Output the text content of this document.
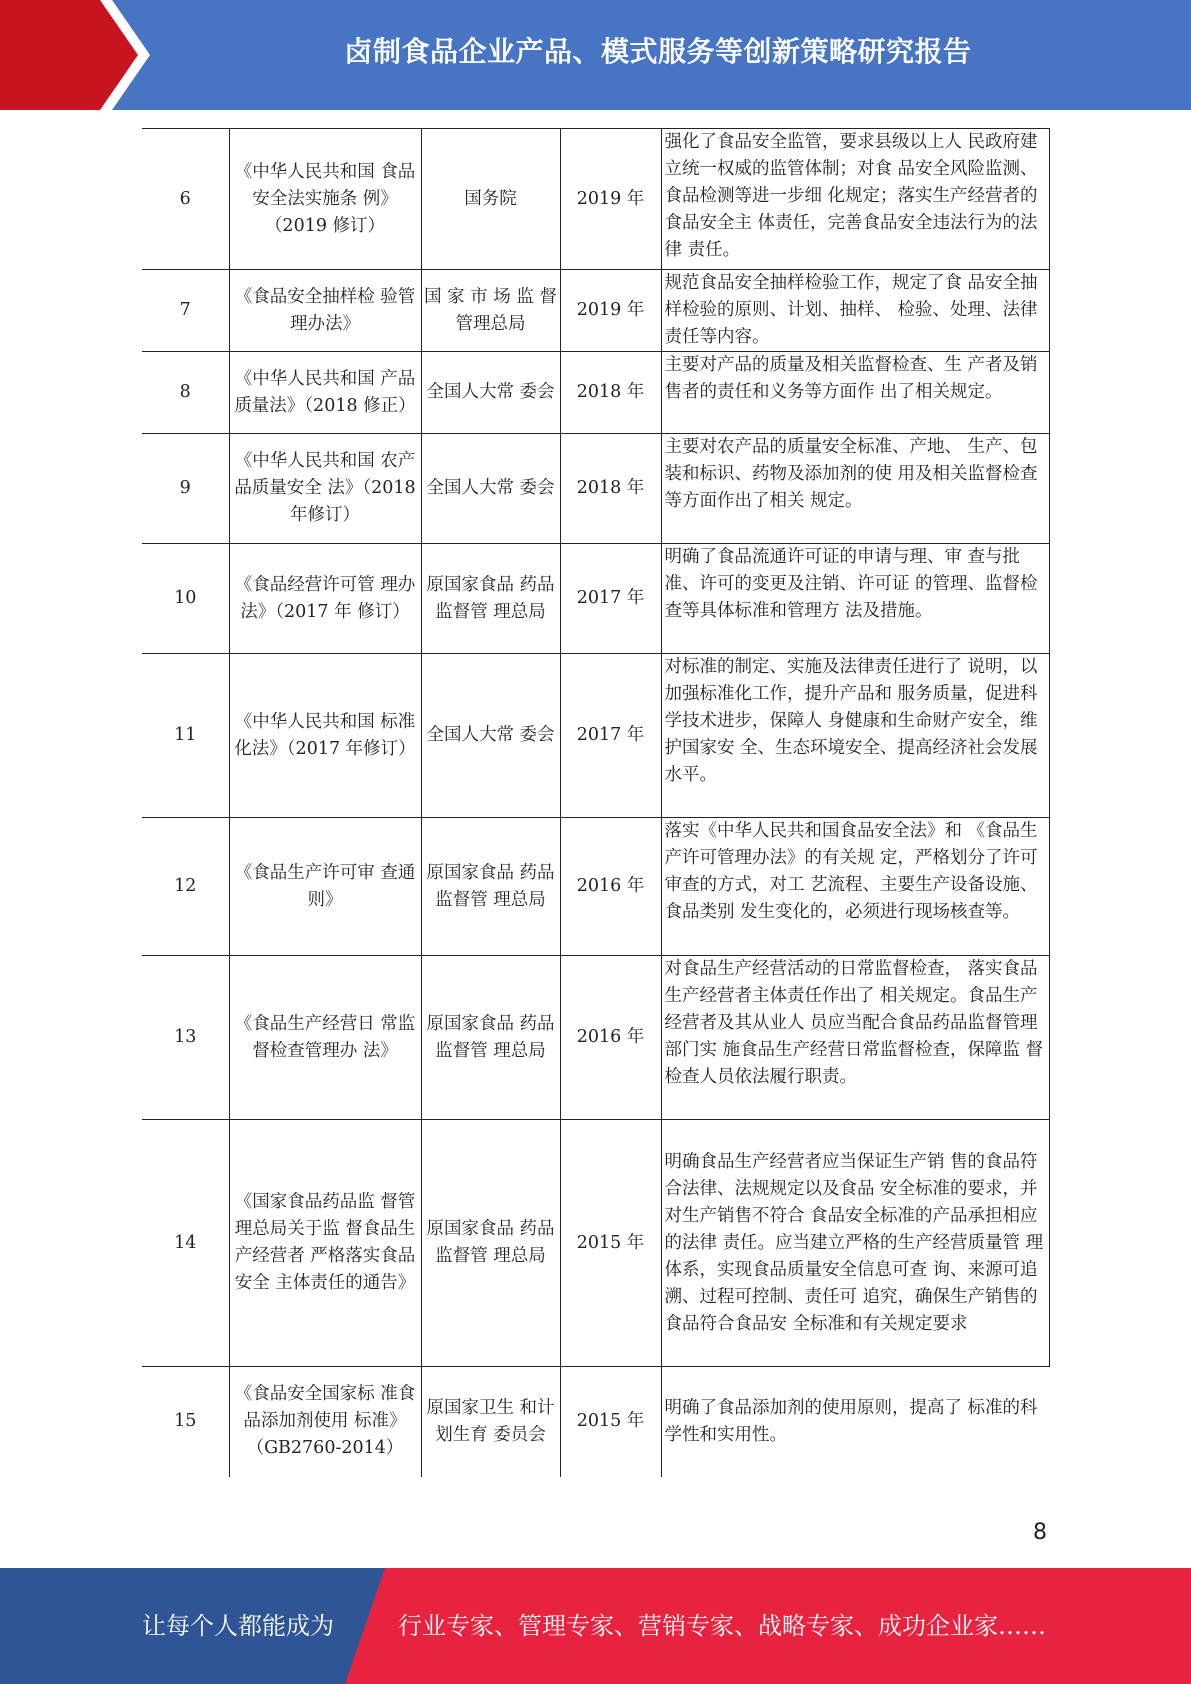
卤制食品企业产品、模式服务等创新策略研究报告
6	《中华人民共和国 食品安全法实施条 例》（2019 修订）	国务院	2019 年	强化了食品安全监管，要求县级以上人 民政府建立统一权威的监管体制；对食 品安全风险监测、食品检测等进一步细 化规定；落实生产经营者的食品安全主 体责任，完善食品安全违法行为的法律 责任。
7	《食品安全抽样检 验管理办法》	国 家 市 场 监 督管理总局	2019 年	规范食品安全抽样检验工作，规定了食 品安全抽样检验的原则、计划、抽样、 检验、处理、法律责任等内容。
8	《中华人民共和国 产品质量法》（2018 修正）	全国人大常 委会	2018 年	主要对产品的质量及相关监督检查、生 产者及销售者的责任和义务等方面作 出了相关规定。
9	《中华人民共和国 农产品质量安全 法》（2018 年修订）	全国人大常 委会	2018 年	主要对农产品的质量安全标准、产地、 生产、包装和标识、药物及添加剂的使 用及相关监督检查等方面作出了相关 规定。
10	《食品经营许可管 理办法》（2017 年 修订）	原国家食品 药品监督管 理总局	2017 年	明确了食品流通许可证的申请与理、审 查与批准、许可的变更及注销、许可证 的管理、监督检查等具体标准和管理方 法及措施。
11	《中华人民共和国 标准化法》（2017 年修订）	全国人大常 委会	2017 年	对标准的制定、实施及法律责任进行了 说明，以加强标准化工作，提升产品和 服务质量，促进科学技术进步，保障人 身健康和生命财产安全，维护国家安 全、生态环境安全、提高经济社会发展 水平。
12	《食品生产许可审 查通则》	原国家食品 药品监督管 理总局	2016 年	落实《中华人民共和国食品安全法》和 《食品生产许可管理办法》的有关规 定，严格划分了许可审查的方式，对工 艺流程、主要生产设备设施、食品类别 发生变化的，必须进行现场核查等。
13	《食品生产经营日 常监督检查管理办 法》	原国家食品 药品监督管 理总局	2016 年	对食品生产经营活动的日常监督检查， 落实食品生产经营者主体责任作出了 相关规定。食品生产经营者及其从业人 员应当配合食品药品监督管理部门实 施食品生产经营日常监督检查，保障监 督检查人员依法履行职责。
14	《国家食品药品监 督管理总局关于监 督食品生产经营者 严格落实食品安全 主体责任的通告》	原国家食品 药品监督管 理总局	2015 年	明确食品生产经营者应当保证生产销 售的食品符合法律、法规规定以及食品 安全标准的要求，并对生产销售不符合 食品安全标准的产品承担相应的法律 责任。应当建立严格的生产经营质量管 理体系，实现食品质量安全信息可查 询、来源可追溯、过程可控制、责任可 追究，确保生产销售的食品符合食品安 全标准和有关规定要求
15	《食品安全国家标 准食品添加剂使用 标准》（GB2760-2014）	原国家卫生 和计划生育 委员会	2015 年	明确了食品添加剂的使用原则，提高了 标准的科学性和实用性。
8
让每个人都能成为	行业专家、管理专家、营销专家、战略专家、成功企业家……
